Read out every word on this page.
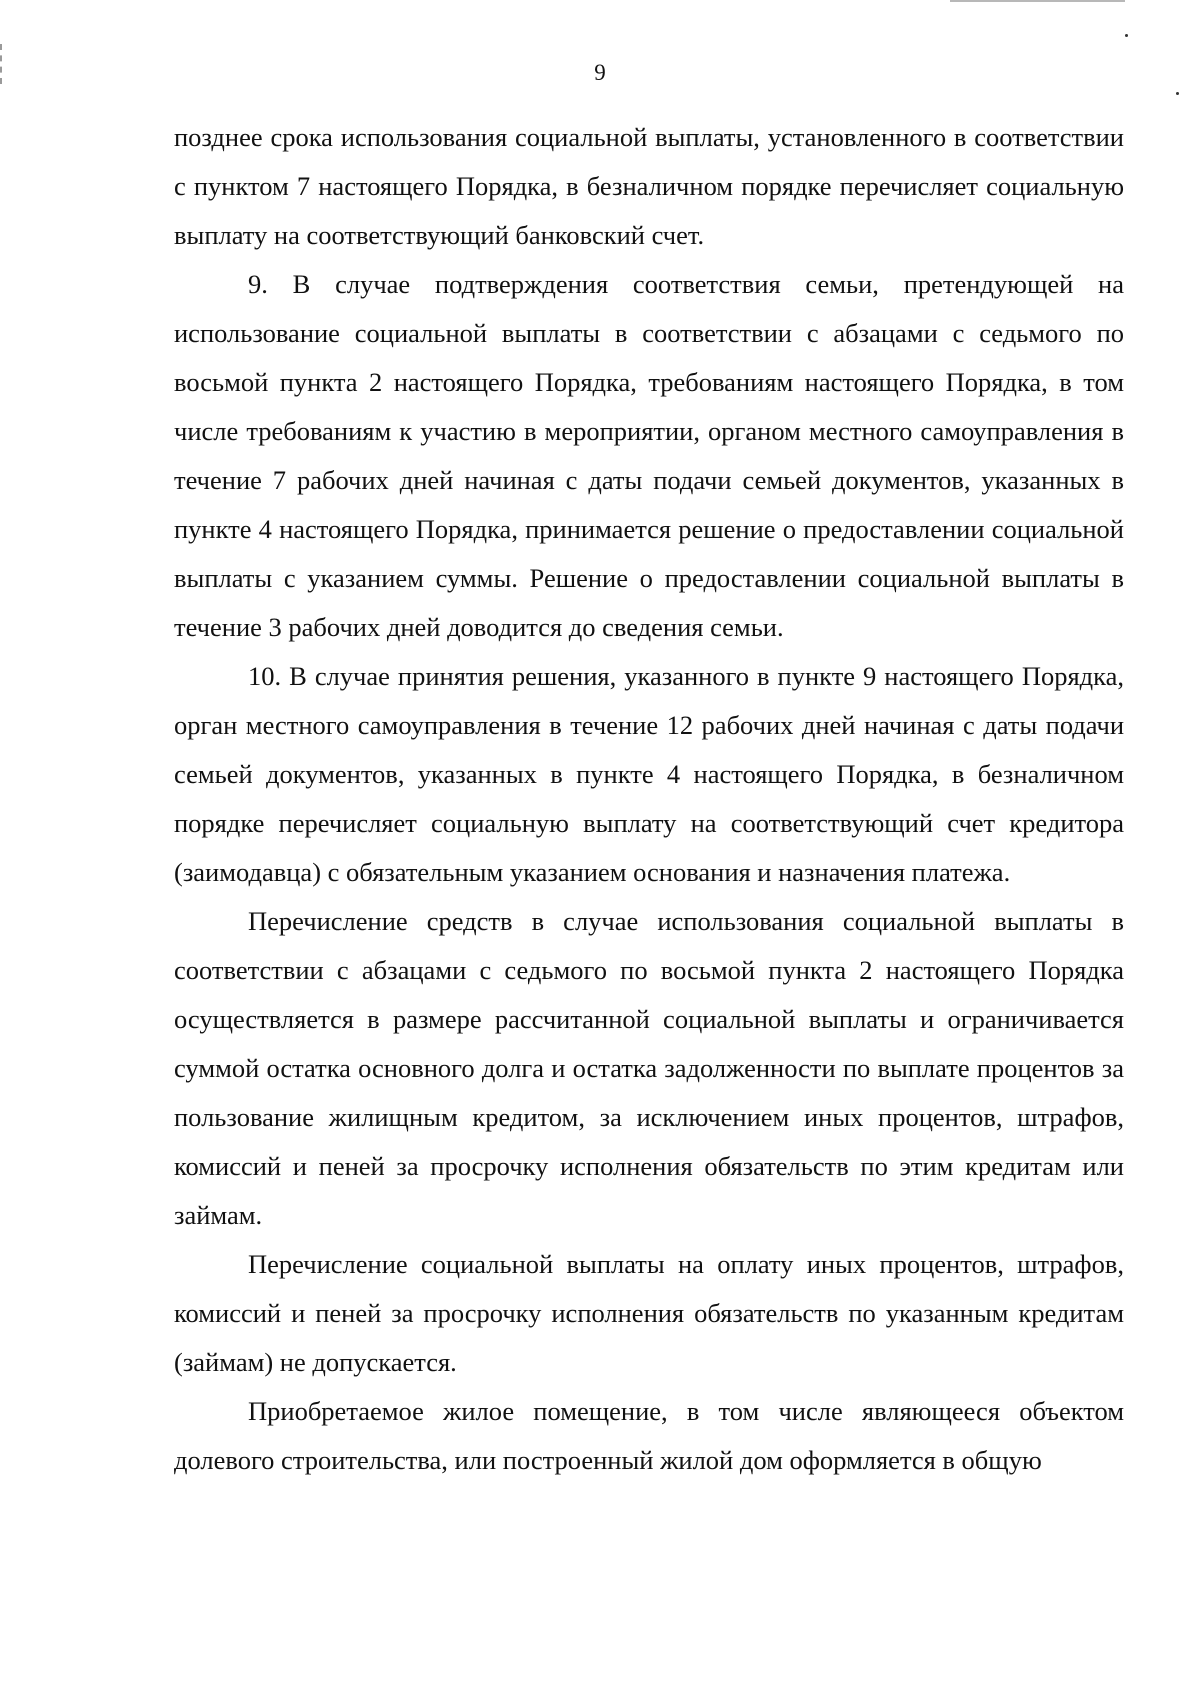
9

позднее срока использования социальной выплаты, установленного в соответствии с пунктом 7 настоящего Порядка, в безналичном порядке перечисляет социальную выплату на соответствующий банковский счет.

9. В случае подтверждения соответствия семьи, претендующей на использование социальной выплаты в соответствии с абзацами с седьмого по восьмой пункта 2 настоящего Порядка, требованиям настоящего Порядка, в том числе требованиям к участию в мероприятии, органом местного самоуправления в течение 7 рабочих дней начиная с даты подачи семьей документов, указанных в пункте 4 настоящего Порядка, принимается решение о предоставлении социальной выплаты с указанием суммы. Решение о предоставлении социальной выплаты в течение 3 рабочих дней доводится до сведения семьи.

10. В случае принятия решения, указанного в пункте 9 настоящего Порядка, орган местного самоуправления в течение 12 рабочих дней начиная с даты подачи семьей документов, указанных в пункте 4 настоящего Порядка, в безналичном порядке перечисляет социальную выплату на соответствующий счет кредитора (заимодавца) с обязательным указанием основания и назначения платежа.

Перечисление средств в случае использования социальной выплаты в соответствии с абзацами с седьмого по восьмой пункта 2 настоящего Порядка осуществляется в размере рассчитанной социальной выплаты и ограничивается суммой остатка основного долга и остатка задолженности по выплате процентов за пользование жилищным кредитом, за исключением иных процентов, штрафов, комиссий и пеней за просрочку исполнения обязательств по этим кредитам или займам.

Перечисление социальной выплаты на оплату иных процентов, штрафов, комиссий и пеней за просрочку исполнения обязательств по указанным кредитам (займам) не допускается.

Приобретаемое жилое помещение, в том числе являющееся объектом долевого строительства, или построенный жилой дом оформляется в общую
